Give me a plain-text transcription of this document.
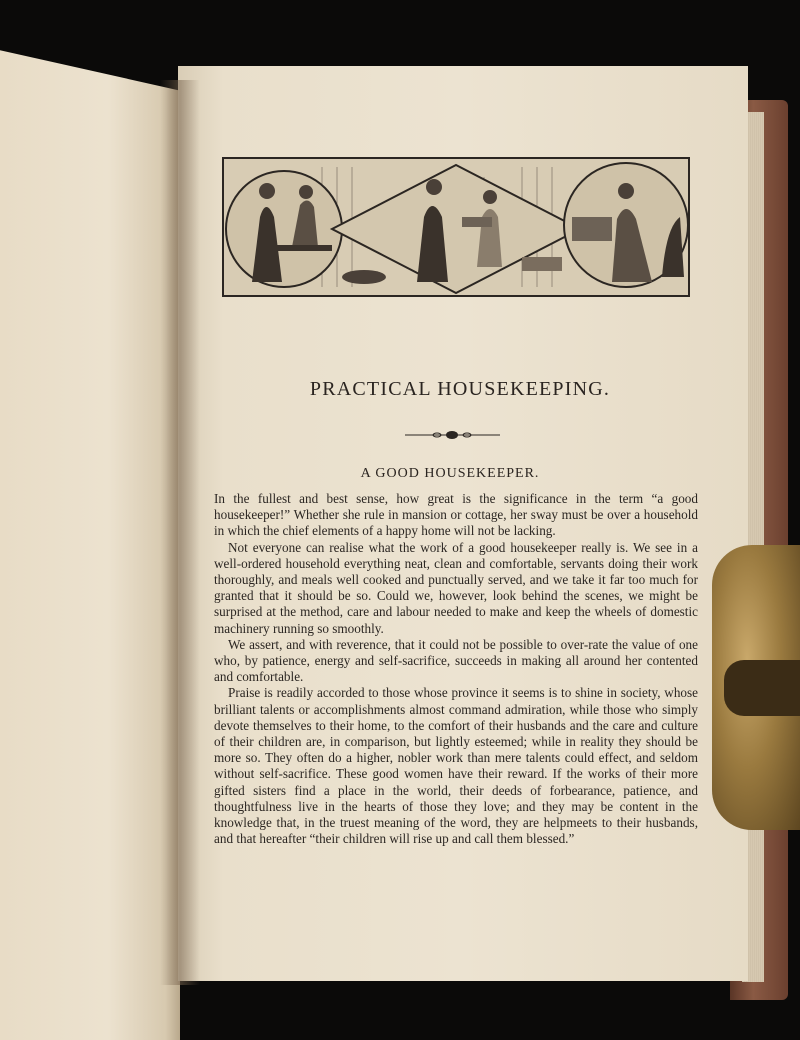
PRACTICAL HOUSEKEEPING.
A GOOD HOUSEKEEPER.

In the fullest and best sense, how great is the significance in the term “a good housekeeper!” Whether she rule in mansion or cottage, her sway must be over a household in which the chief elements of a happy home will not be lacking.

Not everyone can realise what the work of a good housekeeper really is. We see in a well-ordered household everything neat, clean and comfortable, servants doing their work thoroughly, and meals well cooked and punctually served, and we take it far too much for granted that it should be so. Could we, however, look behind the scenes, we might be surprised at the method, care and labour needed to make and keep the wheels of domestic machinery running so smoothly.

We assert, and with reverence, that it could not be possible to over-rate the value of one who, by patience, energy and self-sacrifice, succeeds in making all around her contented and comfortable.

Praise is readily accorded to those whose province it seems is to shine in society, whose brilliant talents or accomplishments almost command admiration, while those who simply devote themselves to their home, to the comfort of their husbands and the care and culture of their children are, in comparison, but lightly esteemed; while in reality they should be more so. They often do a higher, nobler work than mere talents could effect, and seldom without self-sacrifice. These good women have their reward. If the works of their more gifted sisters find a place in the world, their deeds of forbearance, patience, and thoughtfulness live in the hearts of those they love; and they may be content in the knowledge that, in the truest meaning of the word, they are helpmeets to their husbands, and that hereafter “their children will rise up and call them blessed.”
